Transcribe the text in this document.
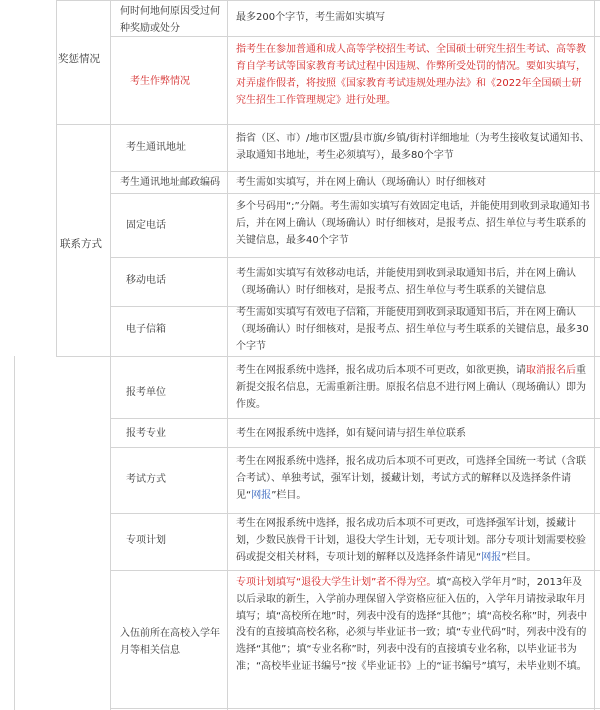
奖惩情况
联系方式
何时何地何原因受过何种奖励或处分
最多200个字节，考生需如实填写
考生作弊情况
指考生在参加普通和成人高等学校招生考试、全国硕士研究生招生考试、高等教育自学考试等国家教育考试过程中因违规、作弊所受处罚的情况。要如实填写，对弄虚作假者，将按照《国家教育考试违规处理办法》和《2022年全国硕士研究生招生工作管理规定》进行处理。
考生通讯地址
指省（区、市）/地市区盟/县市旗/乡镇/街村详细地址（为考生接收复试通知书、录取通知书地址，考生必须填写），最多80个字节
考生通讯地址邮政编码	考生需如实填写，并在网上确认（现场确认）时仔细核对
固定电话
多个号码用“;”分隔。考生需如实填写有效固定电话，并能使用到收到录取通知书后，并在网上确认（现场确认）时仔细核对，是报考点、招生单位与考生联系的关键信息，最多40个字节
移动电话
考生需如实填写有效移动电话，并能使用到收到录取通知书后，并在网上确认（现场确认）时仔细核对，是报考点、招生单位与考生联系的关键信息
电子信箱
考生需如实填写有效电子信箱，并能使用到收到录取通知书后，并在网上确认（现场确认）时仔细核对，是报考点、招生单位与考生联系的关键信息，最多30个字节
报考单位
考生在网报系统中选择，报名成功后本项不可更改，如欲更换，请取消报名后重新提交报名信息，无需重新注册。原报名信息不进行网上确认（现场确认）即为作废。
报考专业	考生在网报系统中选择，如有疑问请与招生单位联系
考试方式
考生在网报系统中选择，报名成功后本项不可更改，可选择全国统一考试（含联合考试）、单独考试，强军计划，援藏计划，考试方式的解释以及选择条件请见“网报”栏目。
专项计划
考生在网报系统中选择，报名成功后本项不可更改，可选择强军计划，援藏计划，少数民族骨干计划，退役大学生计划，无专项计划。部分专项计划需要校验码或提交相关材料，专项计划的解释以及选择条件请见“网报”栏目。
入伍前所在高校入学年月等相关信息
专项计划填写“退役大学生计划”者不得为空。填“高校入学年月”时，2013年及以后录取的新生，入学前办理保留入学资格应征入伍的，入学年月请按录取年月填写；填“高校所在地”时，列表中没有的选择“其他”；填“高校名称”时，列表中没有的直接填高校名称，必须与毕业证书一致；填“专业代码”时，列表中没有的选择“其他”；填“专业名称”时，列表中没有的直接填专业名称，以毕业证书为准；“高校毕业证书编号”按《毕业证书》上的“证书编号”填写，未毕业则不填。
